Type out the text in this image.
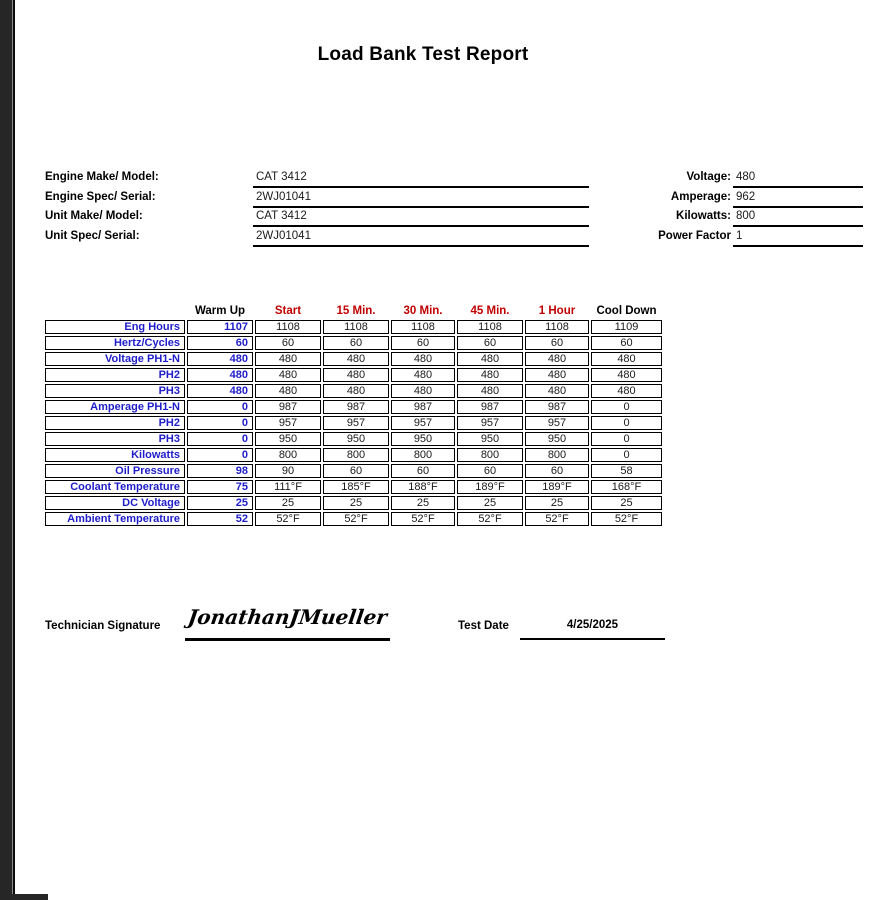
Load Bank Test Report
Engine Make/ Model:	CAT 3412
Engine Spec/ Serial:	2WJ01041
Unit Make/ Model:	CAT 3412
Unit Spec/ Serial:	2WJ01041
Voltage: 480
Amperage: 962
Kilowatts: 800
Power Factor 1
	Warm Up	Start	15 Min.	30 Min.	45 Min.	1 Hour	Cool Down
Eng Hours	1107	1108	1108	1108	1108	1108	1109
Hertz/Cycles	60	60	60	60	60	60	60
Voltage PH1-N	480	480	480	480	480	480	480
PH2	480	480	480	480	480	480	480
PH3	480	480	480	480	480	480	480
Amperage PH1-N	0	987	987	987	987	987	0
PH2	0	957	957	957	957	957	0
PH3	0	950	950	950	950	950	0
Kilowatts	0	800	800	800	800	800	0
Oil Pressure	98	90	60	60	60	60	58
Coolant Temperature	75	111°F	185°F	188°F	189°F	189°F	168°F
DC Voltage	25	25	25	25	25	25	25
Ambient Temperature	52	52°F	52°F	52°F	52°F	52°F	52°F
Technician Signature JonathanJMueller	Test Date	4/25/2025
